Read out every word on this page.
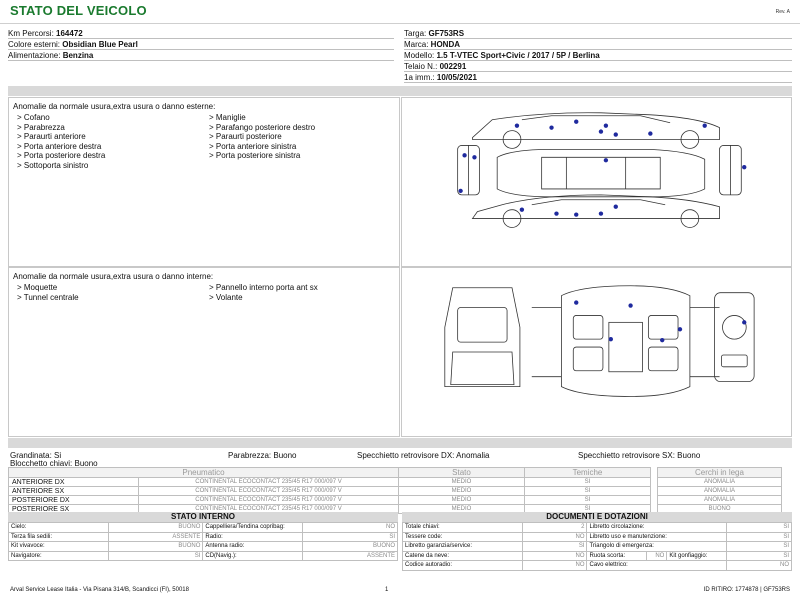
STATO DEL VEICOLO	Rev. A
Km Percorsi: 164472
Colore esterni: Obsidian Blue Pearl
Alimentazione: Benzina
Targa: GF753RS
Marca: HONDA
Modello: 1.5 T-VTEC Sport+Civic / 2017 / 5P / Berlina
Telaio N.: 002291
1a imm.: 10/05/2021
Anomalie da normale usura,extra usura o danno esterne:
> Cofano
> Parabrezza
> Paraurti anteriore
> Porta anteriore destra
> Porta posteriore destra
> Sottoporta sinistro
> Maniglie
> Parafango posteriore destro
> Paraurti posteriore
> Porta anteriore sinistra
> Porta posteriore sinistra
Anomalie da normale usura,extra usura o danno interne:
> Moquette
> Tunnel centrale
> Pannello interno porta ant sx
> Volante
Grandinata: Si	Parabrezza: Buono	Specchietto retrovisore DX: Anomalia	Specchietto retrovisore SX: Buono
Blocchetto chiavi: Buono
Pneumatico		Stato	Temiche		Cerchi in lega
ANTERIORE DX	CONTINENTAL ECOCONTACT 235/45 R17 000/097 V	MEDIO	SI		ANOMALIA
ANTERIORE SX	CONTINENTAL ECOCONTACT 235/45 R17 000/097 V	MEDIO	SI		ANOMALIA
POSTERIORE DX	CONTINENTAL ECOCONTACT 235/45 R17 000/097 V	MEDIO	SI		ANOMALIA
POSTERIORE SX	CONTINENTAL ECOCONTACT 235/45 R17 000/097 V	MEDIO	SI		BUONO
STATO INTERNO
Cielo:	BUONO	Cappelliera/Tendina copribag:	NO
Terza fila sedili:	ASSENTE	Radio:	SI
Kit vivavoce:	BUONO	Antenna radio:	BUONO
Navigatore:	SI	CD(Navig.):	ASSENTE
DOCUMENTI E DOTAZIONI
Totale chiavi:	2	Libretto circolazione:			SI
Tessere code:	NO	Libretto uso e manutenzione:			SI
Libretto garanzia/service:	SI	Triangolo di emergenza:			SI
Catene da neve:	NO	Ruota scorta:	NO	Kit gonfiaggio:	SI
Codice autoradio:	NO	Cavo elettrico:			NO
Arval Service Lease Italia - Via Pisana 314/B, Scandicci (FI), 50018	1	ID RITIRO: 1774878 | GF753RS
